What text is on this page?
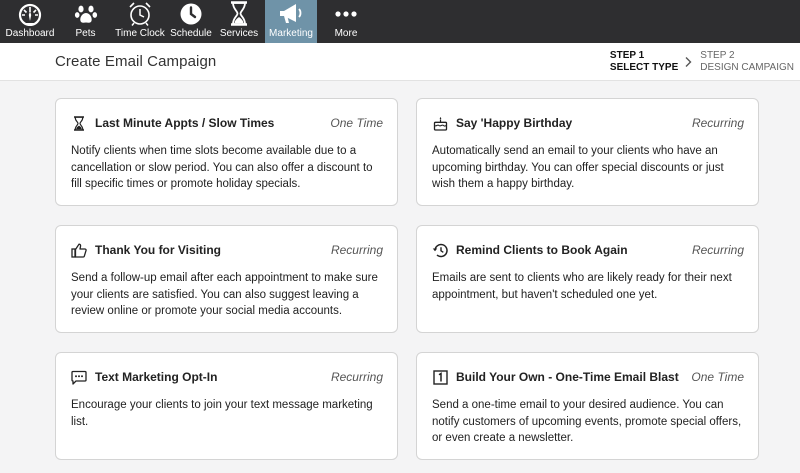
Dashboard Pets Time Clock Schedule Services Marketing More
Create Email Campaign	STEP 1
SELECT TYPE
STEP 2
DESIGN CAMPAIGN
Last Minute Appts / Slow Times	One Time

Notify clients when time slots become available due to a cancellation or slow period. You can also offer a discount to fill specific times or promote holiday specials.

Say 'Happy Birthday	Recurring

Automatically send an email to your clients who have an upcoming birthday. You can offer special discounts or just wish them a happy birthday.

Thank You for Visiting	Recurring

Send a follow-up email after each appointment to make sure your clients are satisfied. You can also suggest leaving a review online or promote your social media accounts.

Remind Clients to Book Again	Recurring

Emails are sent to clients who are likely ready for their next appointment, but haven't scheduled one yet.

Text Marketing Opt-In	Recurring

Encourage your clients to join your text message marketing list.

Build Your Own - One-Time Email Blast One Time

Send a one-time email to your desired audience. You can notify customers of upcoming events, promote special offers, or even create a newsletter.
